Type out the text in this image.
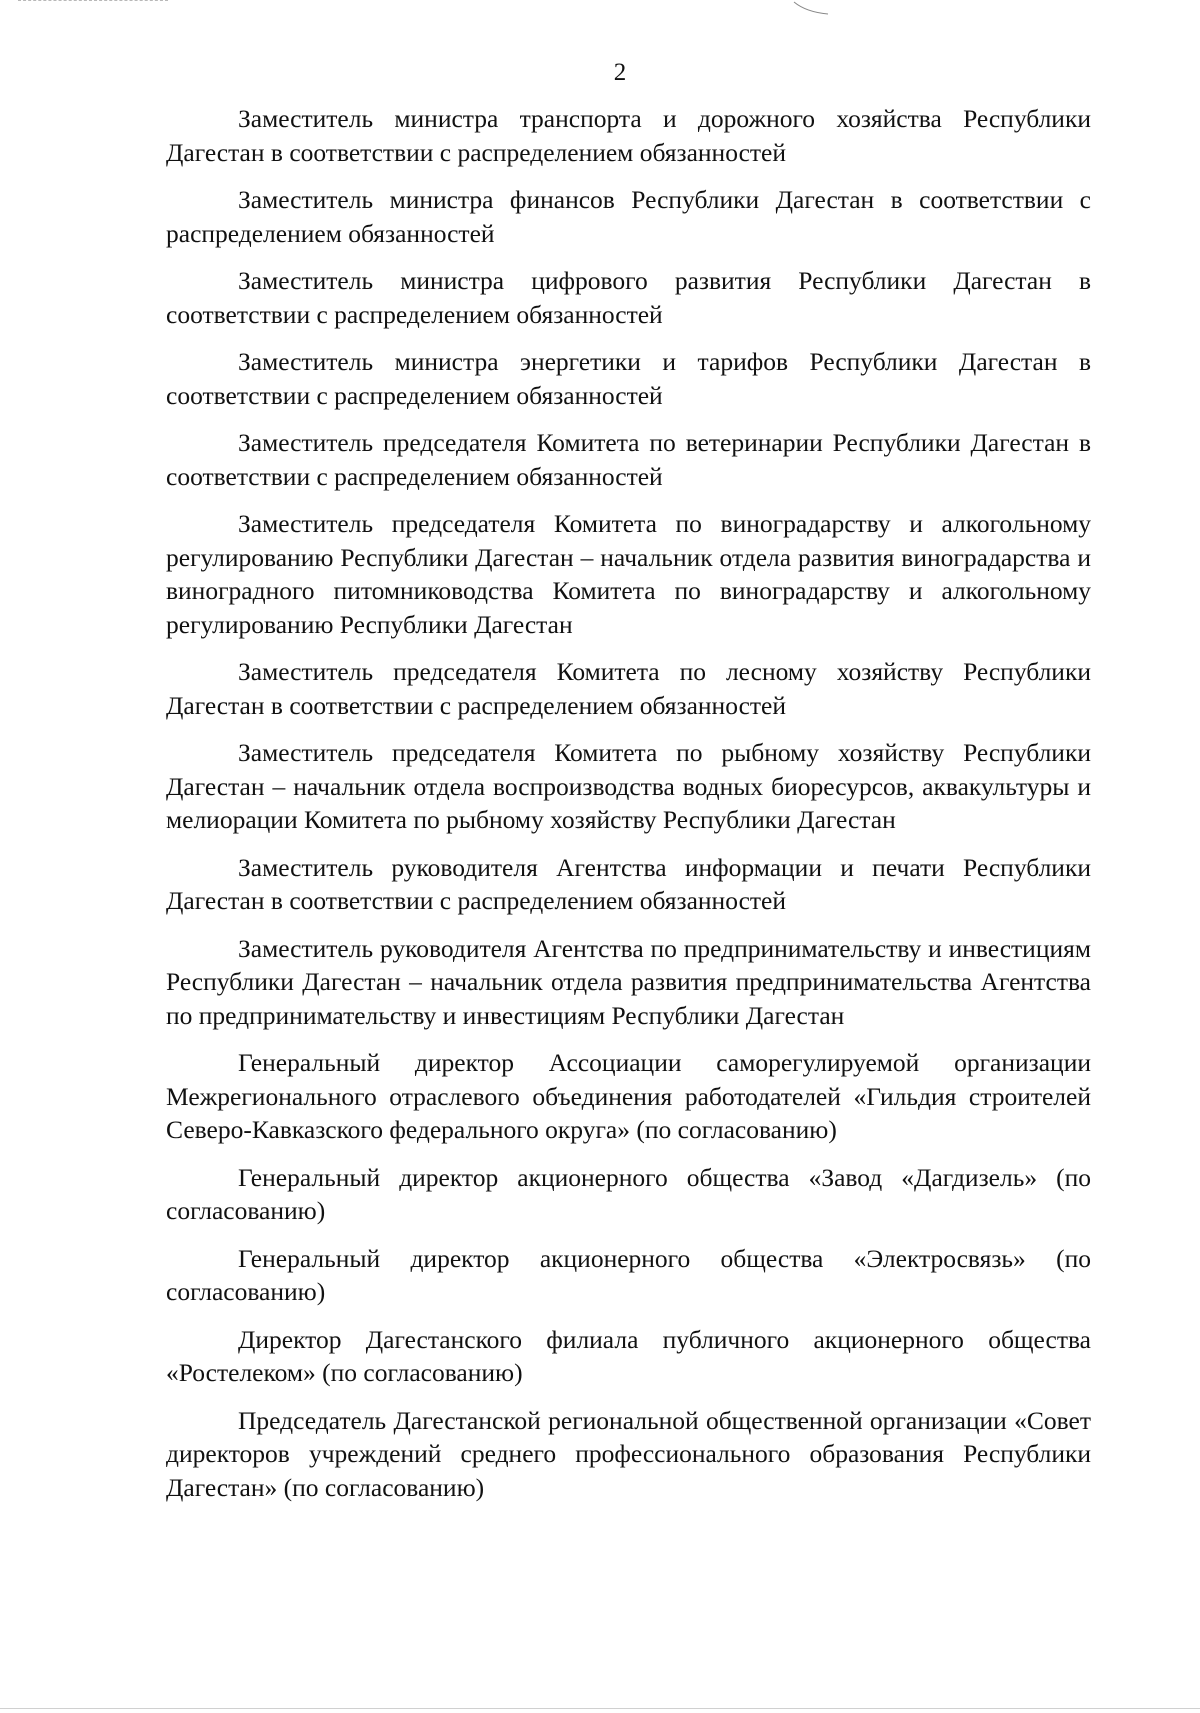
2

Заместитель министра транспорта и дорожного хозяйства Республики Дагестан в соответствии с распределением обязанностей

Заместитель министра финансов Республики Дагестан в соответствии с распределением обязанностей

Заместитель министра цифрового развития Республики Дагестан в соответствии с распределением обязанностей

Заместитель министра энергетики и тарифов Республики Дагестан в соответствии с распределением обязанностей

Заместитель председателя Комитета по ветеринарии Республики Дагестан в соответствии с распределением обязанностей

Заместитель председателя Комитета по виноградарству и алкогольному регулированию Республики Дагестан – начальник отдела развития виноградарства и виноградного питомниководства Комитета по виноградарству и алкогольному регулированию Республики Дагестан

Заместитель председателя Комитета по лесному хозяйству Республики Дагестан в соответствии с распределением обязанностей

Заместитель председателя Комитета по рыбному хозяйству Республики Дагестан – начальник отдела воспроизводства водных биоресурсов, аквакультуры и мелиорации Комитета по рыбному хозяйству Республики Дагестан

Заместитель руководителя Агентства информации и печати Республики Дагестан в соответствии с распределением обязанностей

Заместитель руководителя Агентства по предпринимательству и инвестициям Республики Дагестан – начальник отдела развития предпринимательства Агентства по предпринимательству и инвестициям Республики Дагестан

Генеральный директор Ассоциации саморегулируемой организации Межрегионального отраслевого объединения работодателей «Гильдия строителей Северо-Кавказского федерального округа» (по согласованию)

Генеральный директор акционерного общества «Завод «Дагдизель» (по согласованию)

Генеральный директор акционерного общества «Электросвязь» (по согласованию)

Директор Дагестанского филиала публичного акционерного общества «Ростелеком» (по согласованию)

Председатель Дагестанской региональной общественной организации «Совет директоров учреждений среднего профессионального образования Республики Дагестан» (по согласованию)
